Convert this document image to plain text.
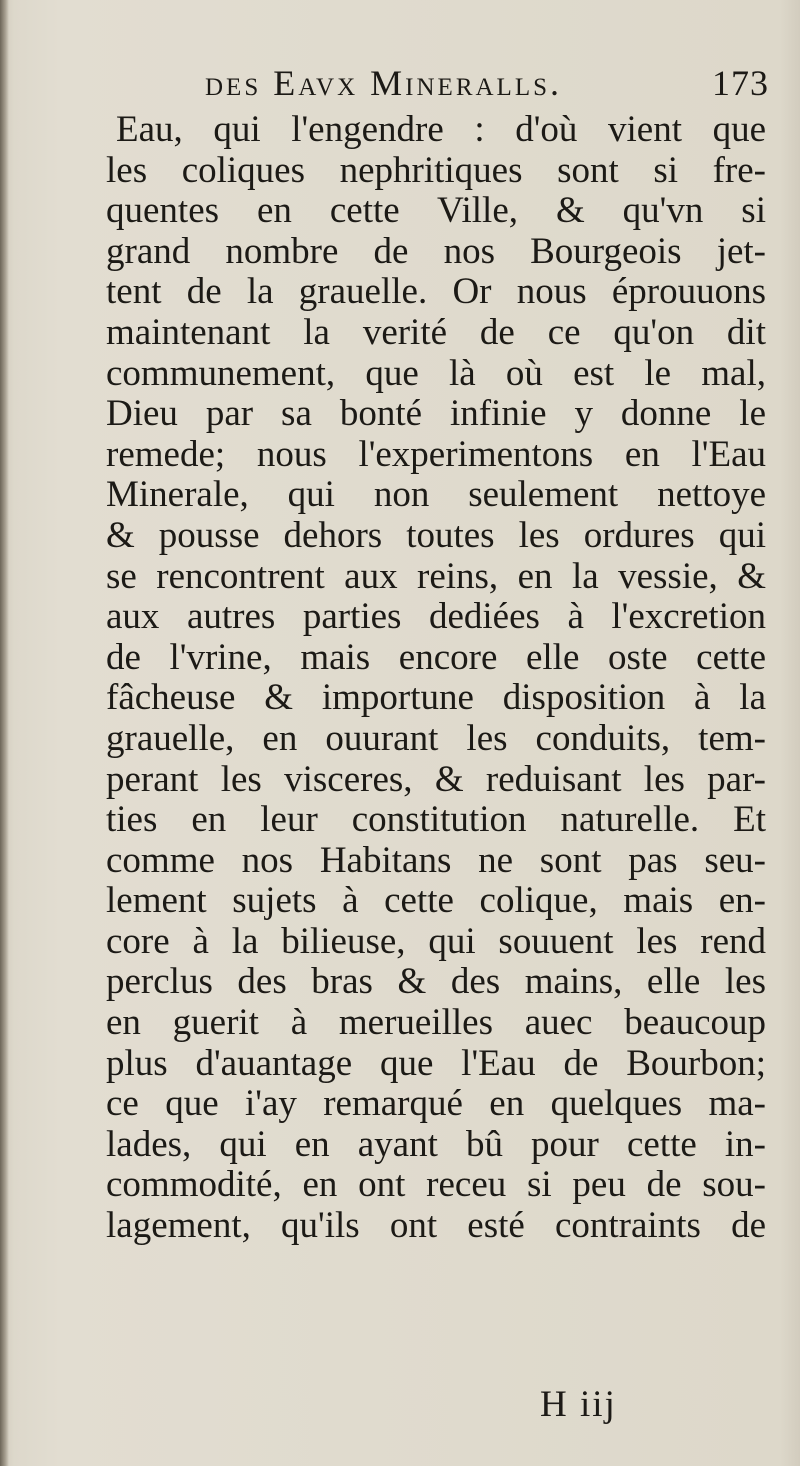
des Eavx Mineralls.	173
Eau, qui l'engendre : d'où vient que
les coliques nephritiques sont si fre-
quentes en cette Ville, & qu'vn si
grand nombre de nos Bourgeois jet-
tent de la grauelle. Or nous éprouuons
maintenant la verité de ce qu'on dit
communement, que là où est le mal,
Dieu par sa bonté infinie y donne le
remede; nous l'experimentons en l'Eau
Minerale, qui non seulement nettoye
& pousse dehors toutes les ordures qui
se rencontrent aux reins, en la vessie, &
aux autres parties dediées à l'excretion
de l'vrine, mais encore elle oste cette
fâcheuse & importune disposition à la
grauelle, en ouurant les conduits, tem-
perant les visceres, & reduisant les par-
ties en leur constitution naturelle. Et
comme nos Habitans ne sont pas seu-
lement sujets à cette colique, mais en-
core à la bilieuse, qui souuent les rend
perclus des bras & des mains, elle les
en guerit à merueilles auec beaucoup
plus d'auantage que l'Eau de Bourbon;
ce que i'ay remarqué en quelques ma-
lades, qui en ayant bû pour cette in-
commodité, en ont receu si peu de sou-
lagement, qu'ils ont esté contraints de
H iij
